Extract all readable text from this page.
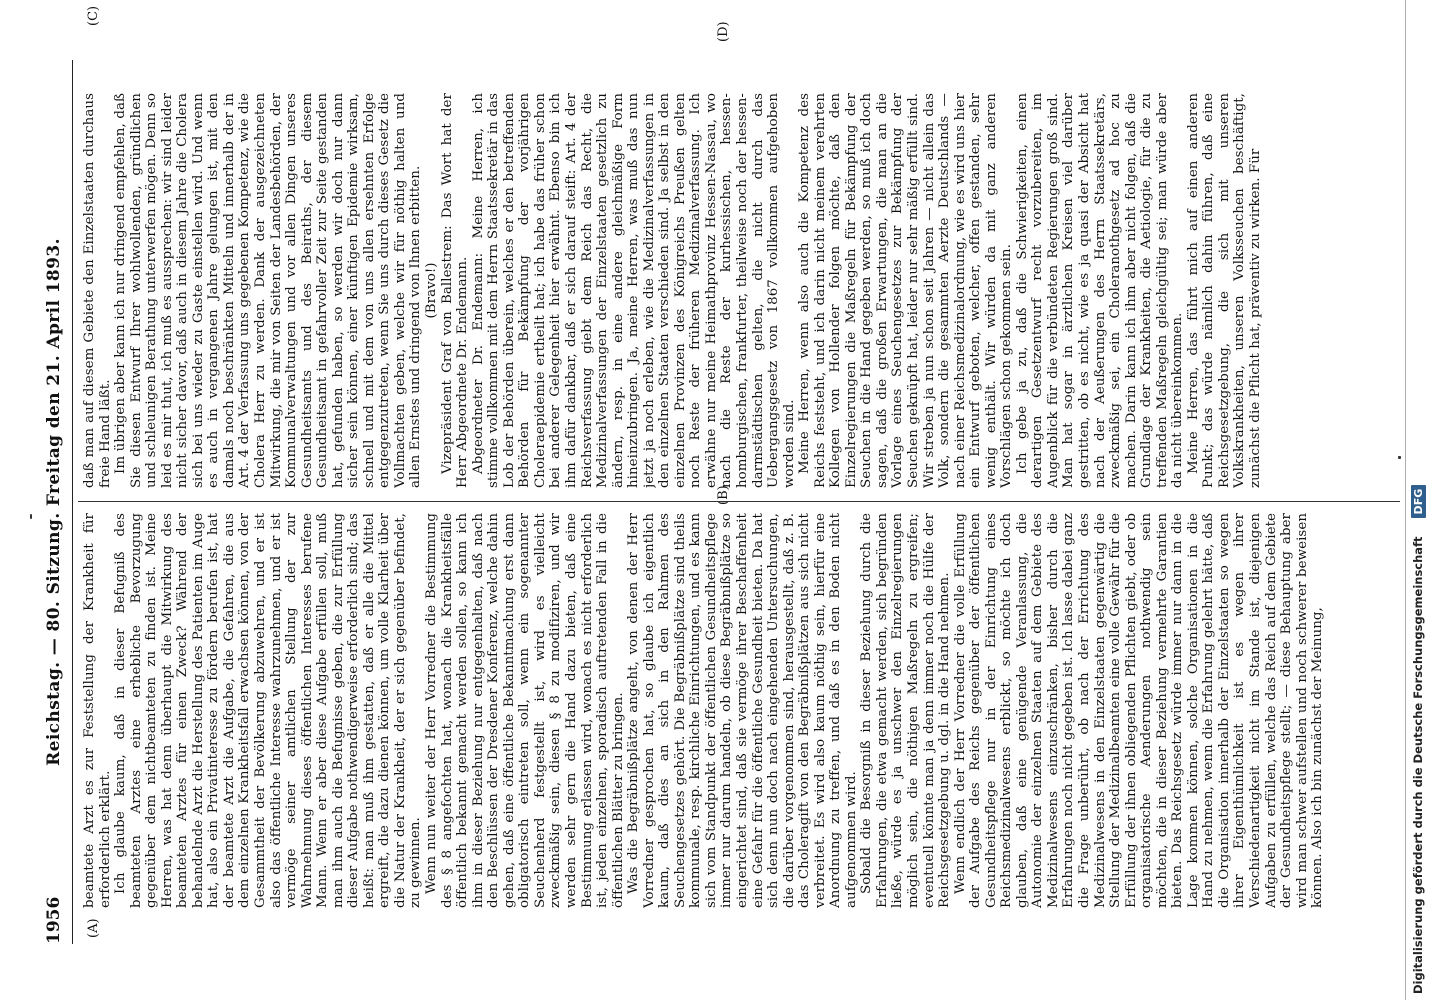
1956
Reichstag. — 80. Sitzung. Freitag den 21. April 1893.
(A)
(B)
(C)
(D)

beamtete Arzt es zur Feststellung der Krankheit für erforderlich erklärt. Ich glaube kaum, daß in dieser Befugniß des beamteten Arztes eine erhebliche Bevorzugung gegenüber dem nichtbeamteten zu finden ist. Meine Herren, was hat denn überhaupt die Mitwirkung des beamteten Arztes für einen Zweck? Während der behandelnde Arzt die Herstellung des Patienten im Auge hat, also ein Privatinteresse zu fördern berufen ist, hat der beamtete Arzt die Aufgabe, die Gefahren, die aus dem einzelnen Krankheitsfall erwachsen können, von der Gesammtheit der Bevölkerung abzuwehren, und er ist also das öffentliche Interesse wahrzunehmen, und er ist vermöge seiner amtlichen Stellung der zur Wahrnehmung dieses öffentlichen Interesses berufene Mann. Wenn er aber diese Aufgabe erfüllen soll, muß man ihm auch die Befugnisse geben, die zur Erfüllung dieser Aufgabe nothwendigerweise erforderlich sind; das heißt: man muß ihm gestatten, daß er alle die Mittel ergreift, die dazu dienen können, um volle Klarheit über die Natur der Krankheit, der er sich gegenüber befindet, zu gewinnen. Wenn nun weiter der Herr Vorredner die Bestimmung des § 8 angefochten hat, wonach die Krankheitsfälle öffentlich bekannt gemacht werden sollen, so kann ich ihm in dieser Beziehung nur entgegenhalten, daß nach den Beschlüssen der Dresdener Konferenz, welche dahin gehen, daß eine öffentliche Bekanntmachung erst dann obligatorisch eintreten soll, wenn ein sogenannter Seuchenherd festgestellt ist, wird es vielleicht zweckmäßig sein, diesen § 8 zu modifiziren, und wir werden sehr gern die Hand dazu bieten, daß eine Bestimmung erlassen wird, wonach es nicht erforderlich ist, jeden einzelnen, sporadisch auftretenden Fall in die öffentlichen Blätter zu bringen. Was die Begräbnißplätze angeht, von denen der Herr Vorredner gesprochen hat, so glaube ich eigentlich kaum, daß dies an sich in den Rahmen des Seuchengesetzes gehört. Die Begräbnißplätze sind theils kommunale, resp. kirchliche Einrichtungen, und es kann sich vom Standpunkt der öffentlichen Gesundheitspflege immer nur darum handeln, ob diese Begräbnißplätze so eingerichtet sind, daß sie vermöge ihrer Beschaffenheit eine Gefahr für die öffentliche Gesundheit bieten. Da hat sich denn nun doch nach eingehenden Untersuchungen, die darüber vorgenommen sind, herausgestellt, daß z. B. das Choleragift von den Begräbnißplätzen aus sich nicht verbreitet. Es wird also kaum nöthig sein, hierfür eine Anordnung zu treffen, und daß es in den Boden nicht aufgenommen wird. Sobald die Besorgniß in dieser Beziehung durch die Erfahrungen, die etwa gemacht werden, sich begründen ließe, würde es ja unschwer den Einzelregierungen möglich sein, die nöthigen Maßregeln zu ergreifen; eventuell könnte man ja denn immer noch die Hülfe der Reichsgesetzgebung u. dgl. in die Hand nehmen. Wenn endlich der Herr Vorredner die volle Erfüllung der Aufgabe des Reichs gegenüber der öffentlichen Gesundheitspflege nur in der Einrichtung eines Reichsmedizinalwesens erblickt, so möchte ich doch glauben, daß eine genügende Veranlassung, die Autonomie der einzelnen Staaten auf dem Gebiete des Medizinalwesens einzuschränken, bisher durch die Erfahrungen noch nicht gegeben ist. Ich lasse dabei ganz die Frage unberührt, ob nach der Errichtung des Medizinalwesens in den Einzelstaaten gegenwärtig die Stellung der Medizinalbeamten eine volle Gewähr für die Erfüllung der ihnen obliegenden Pflichten giebt, oder ob organisatorische Aenderungen nothwendig sein möchten, die in dieser Beziehung vermehrte Garantien bieten. Das Reichsgesetz würde immer nur dann in die Lage kommen können, solche Organisationen in die Hand zu nehmen, wenn die Erfahrung gelehrt hätte, daß die Organisation innerhalb der Einzelstaaten so wegen ihrer Eigenthümlichkeit ist es wegen ihrer Verschiedenartigkeit nicht im Stande ist, diejenigen Aufgaben zu erfüllen, welche das Reich auf dem Gebiete der Gesundheitspflege stellt; — diese Behauptung aber wird man schwer aufstellen und noch schwerer beweisen können. Also ich bin zunächst der Meinung,

daß man auf diesem Gebiete den Einzelstaaten durchaus freie Hand läßt. Im übrigen aber kann ich nur dringend empfehlen, daß Sie diesen Entwurf Ihrer wohlwollenden, gründlichen und schleunigen Berathung unterwerfen mögen. Denn so leid es mir thut, ich muß es aussprechen: wir sind leider nicht sicher davor, daß auch in diesem Jahre die Cholera sich bei uns wieder zu Gaste einstellen wird. Und wenn es auch in vergangenen Jahre gelungen ist, mit den damals noch beschränkten Mitteln und innerhalb der in Art. 4 der Verfassung uns gegebenen Kompetenz, wie die Cholera Herr zu werden. Dank der ausgezeichneten Mitwirkung, die mir von Seiten der Landesbehörden, der Kommunalverwaltungen und vor allen Dingen unseres Gesundheitsamts und des Beiraths, der diesem Gesundheitsamt in gefahrvoller Zeit zur Seite gestanden hat, gefunden haben, so werden wir doch nur dann sicher sein können, einer künftigen Epidemie wirksam, schnell und mit dem von uns allen ersehnten Erfolge entgegenzutreten, wenn Sie uns durch dieses Gesetz die Vollmachten geben, welche wir für nöthig halten und allen Ernstes und dringend von Ihnen erbitten. (Bravo!) Vizepräsident Graf von Ballestrem: Das Wort hat der Herr Abgeordnete Dr. Endemann. Abgeordneter Dr. Endemann: Meine Herren, ich stimme vollkommen mit dem Herrn Staatssekretär in das Lob der Behörden überein, welches er den betreffenden Behörden für Bekämpfung der vorjährigen Choleraepidemie ertheilt hat; ich habe das früher schon bei anderer Gelegenheit hier erwähnt. Ebenso bin ich ihm dafür dankbar, daß er sich darauf steift: Art. 4 der Reichsverfassung giebt dem Reich das Recht, die Medizinalverfassungen der Einzelstaaten gesetzlich zu ändern, resp. in eine andere gleichmäßige Form hineinzubringen. Ja, meine Herren, was muß das nun jetzt ja noch erleben, wie die Medizinalverfassungen in den einzelnen Staaten verschieden sind. Ja selbst in den einzelnen Provinzen des Königreichs Preußen gelten noch Reste der früheren Medizinalverfassung. Ich erwähne nur meine Heimathprovinz Hessen-Nassau, wo nach die Reste der kurhessischen, hessen-homburgischen, frankfurter, theilweise noch der hessen-darmstädtischen gelten, die nicht durch das Uebergangsgesetz von 1867 vollkommen aufgehoben worden sind. Meine Herren, wenn also auch die Kompetenz des Reichs feststeht, und ich darin nicht meinem verehrten Kollegen von Hollender folgen möchte, daß den Einzelregierungen die Maßregeln für Bekämpfung der Seuchen in die Hand gegeben werden, so muß ich doch sagen, daß die großen Erwartungen, die man an die Vorlage eines Seuchengesetzes zur Bekämpfung der Seuchen geknüpft hat, leider nur sehr mäßig erfüllt sind. Wir streben ja nun schon seit Jahren — nicht allein das Volk, sondern die gesammten Aerzte Deutschlands — nach einer Reichsmedizinalordnung, wie es wird uns hier ein Entwurf geboten, welcher, offen gestanden, sehr wenig enthält. Wir würden da mit ganz anderen Vorschlägen schon gekommen sein. Ich gebe ja zu, daß die Schwierigkeiten, einen derartigen Gesetzentwurf recht vorzubereiten, im Augenblick für die verbündeten Regierungen groß sind. Man hat sogar in ärztlichen Kreisen viel darüber gestritten, ob es nicht, wie es ja quasi der Absicht hat nach der Aeußerungen des Herrn Staatssekretärs, zweckmäßig sei, ein Choleranothgesetz ad hoc zu machen. Darin kann ich ihm aber nicht folgen, daß die Grundlage der Krankheiten, die Aetiologie, für die zu treffenden Maßregeln gleichgültig sei; man würde aber da nicht übereinkommen. Meine Herren, das führt mich auf einen anderen Punkt; das würde nämlich dahin führen, daß eine Reichsgesetzgebung, die sich mit unseren Volkskrankheiten, unseren Volksseuchen beschäftigt, zunächst die Pflicht hat, präventiv zu wirken. Für

Digitalisierung gefördert durch die Deutsche Forschungsgemeinschaft
DFG
